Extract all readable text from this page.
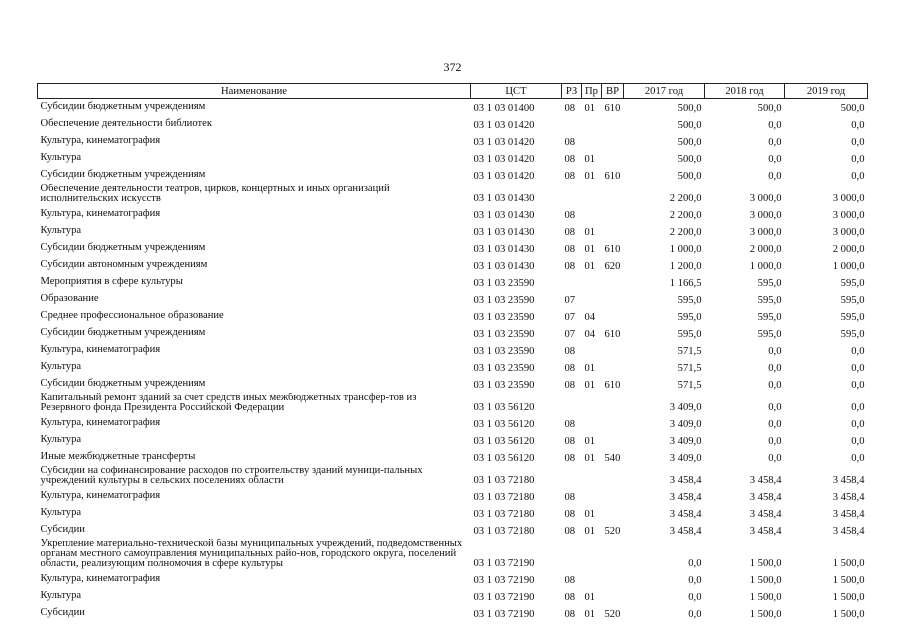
372
Наименование	ЦСТ	РЗ	Пр	ВР	2017 год	2018 год	2019 год
Субсидии бюджетным учреждениям	03 1 03 01400	08	01	610	500,0	500,0	500,0
Обеспечение деятельности библиотек	03 1 03 01420				500,0	0,0	0,0
Культура, кинематография	03 1 03 01420	08			500,0	0,0	0,0
Культура	03 1 03 01420	08	01		500,0	0,0	0,0
Субсидии бюджетным учреждениям	03 1 03 01420	08	01	610	500,0	0,0	0,0
Обеспечение деятельности театров, цирков, концертных и иных организаций исполнительских искусств	03 1 03 01430				2 200,0	3 000,0	3 000,0
Культура, кинематография	03 1 03 01430	08			2 200,0	3 000,0	3 000,0
Культура	03 1 03 01430	08	01		2 200,0	3 000,0	3 000,0
Субсидии бюджетным учреждениям	03 1 03 01430	08	01	610	1 000,0	2 000,0	2 000,0
Субсидии автономным учреждениям	03 1 03 01430	08	01	620	1 200,0	1 000,0	1 000,0
Мероприятия в сфере культуры	03 1 03 23590				1 166,5	595,0	595,0
Образование	03 1 03 23590	07			595,0	595,0	595,0
Среднее профессиональное образование	03 1 03 23590	07	04		595,0	595,0	595,0
Субсидии бюджетным учреждениям	03 1 03 23590	07	04	610	595,0	595,0	595,0
Культура, кинематография	03 1 03 23590	08			571,5	0,0	0,0
Культура	03 1 03 23590	08	01		571,5	0,0	0,0
Субсидии бюджетным учреждениям	03 1 03 23590	08	01	610	571,5	0,0	0,0
Капитальный ремонт зданий за счет средств иных межбюджетных трансфер-тов из Резервного фонда Президента Российской Федерации	03 1 03 56120				3 409,0	0,0	0,0
Культура, кинематография	03 1 03 56120	08			3 409,0	0,0	0,0
Культура	03 1 03 56120	08	01		3 409,0	0,0	0,0
Иные межбюджетные трансферты	03 1 03 56120	08	01	540	3 409,0	0,0	0,0
Субсидии на софинансирование расходов по строительству зданий муници-пальных учреждений культуры в сельских поселениях области	03 1 03 72180				3 458,4	3 458,4	3 458,4
Культура, кинематография	03 1 03 72180	08			3 458,4	3 458,4	3 458,4
Культура	03 1 03 72180	08	01		3 458,4	3 458,4	3 458,4
Субсидии	03 1 03 72180	08	01	520	3 458,4	3 458,4	3 458,4
Укрепление материально-технической базы муниципальных учреждений, подведомственных органам местного самоуправления муниципальных райо-нов, городского округа, поселений области, реализующим полномочия в сфере культуры	03 1 03 72190				0,0	1 500,0	1 500,0
Культура, кинематография	03 1 03 72190	08			0,0	1 500,0	1 500,0
Культура	03 1 03 72190	08	01		0,0	1 500,0	1 500,0
Субсидии	03 1 03 72190	08	01	520	0,0	1 500,0	1 500,0
